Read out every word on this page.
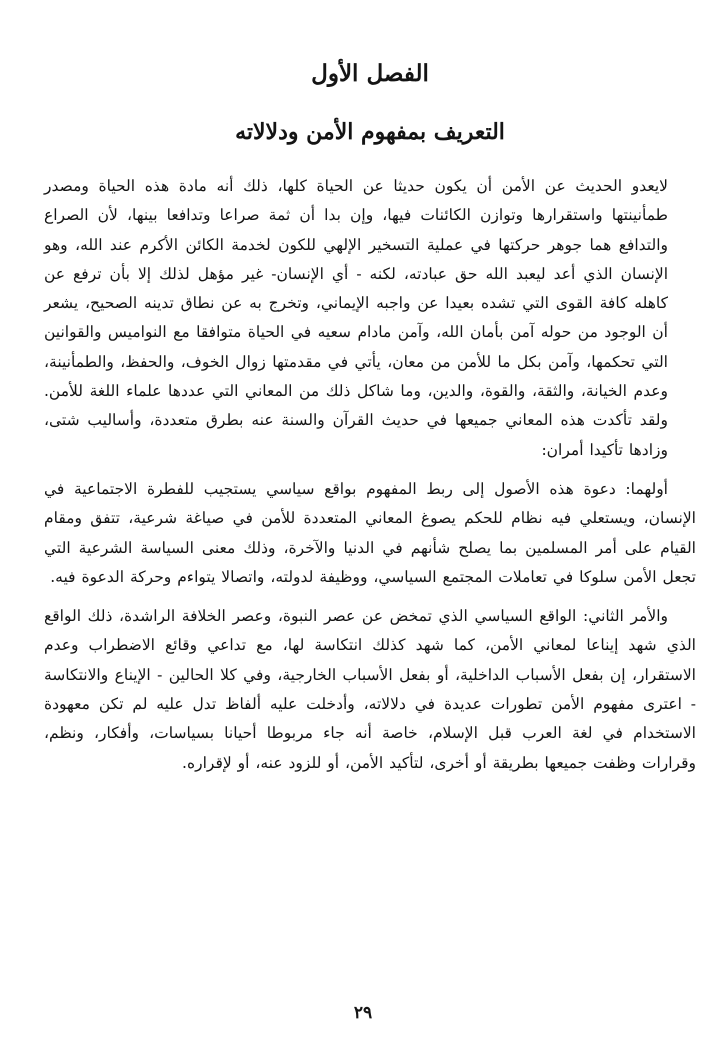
الفصل الأول
التعريف بمفهوم الأمن ودلالاته

لايعدو الحديث عن الأمن أن يكون حديثا عن الحياة كلها، ذلك أنه مادة هذه الحياة ومصدر طمأنينتها واستقرارها وتوازن الكائنات فيها، وإن بدا أن ثمة صراعا وتدافعا بينها، لأن الصراع والتدافع هما جوهر حركتها في عملية التسخير الإلهي للكون لخدمة الكائن الأكرم عند الله، وهو الإنسان الذي أعد ليعبد الله حق عبادته، لكنه - أي الإنسان- غير مؤهل لذلك إلا بأن ترفع عن كاهله كافة القوى التي تشده بعيدا عن واجبه الإيماني، وتخرج به عن نطاق تدينه الصحيح، يشعر أن الوجود من حوله آمن بأمان الله، وآمن مادام سعيه في الحياة متوافقا مع النواميس والقوانين التي تحكمها، وآمن بكل ما للأمن من معان، يأتي في مقدمتها زوال الخوف، والحفظ، والطمأنينة، وعدم الخيانة، والثقة، والقوة، والدين، وما شاكل ذلك من المعاني التي عددها علماء اللغة للأمن. ولقد تأكدت هذه المعاني جميعها في حديث القرآن والسنة عنه بطرق متعددة، وأساليب شتى، وزادها تأكيدا أمران:

أولهما: دعوة هذه الأصول إلى ربط المفهوم بواقع سياسي يستجيب للفطرة الاجتماعية في الإنسان، ويستعلي فيه نظام للحكم يصوغ المعاني المتعددة للأمن في صياغة شرعية، تتفق ومقام القيام على أمر المسلمين بما يصلح شأنهم في الدنيا والآخرة، وذلك معنى السياسة الشرعية التي تجعل الأمن سلوكا في تعاملات المجتمع السياسي، ووظيفة لدولته، واتصالا يتواءم وحركة الدعوة فيه.

والأمر الثاني: الواقع السياسي الذي تمخض عن عصر النبوة، وعصر الخلافة الراشدة، ذلك الواقع الذي شهد إيناعا لمعاني الأمن، كما شهد كذلك انتكاسة لها، مع تداعي وقائع الاضطراب وعدم الاستقرار، إن بفعل الأسباب الداخلية، أو بفعل الأسباب الخارجية، وفي كلا الحالين - الإيناع والانتكاسة - اعترى مفهوم الأمن تطورات عديدة في دلالاته، وأدخلت عليه ألفاظ تدل عليه لم تكن معهودة الاستخدام في لغة العرب قبل الإسلام، خاصة أنه جاء مربوطا أحيانا بسياسات، وأفكار، ونظم، وقرارات وظفت جميعها بطريقة أو أخرى، لتأكيد الأمن، أو للزود عنه، أو لإقراره.

٢٩
